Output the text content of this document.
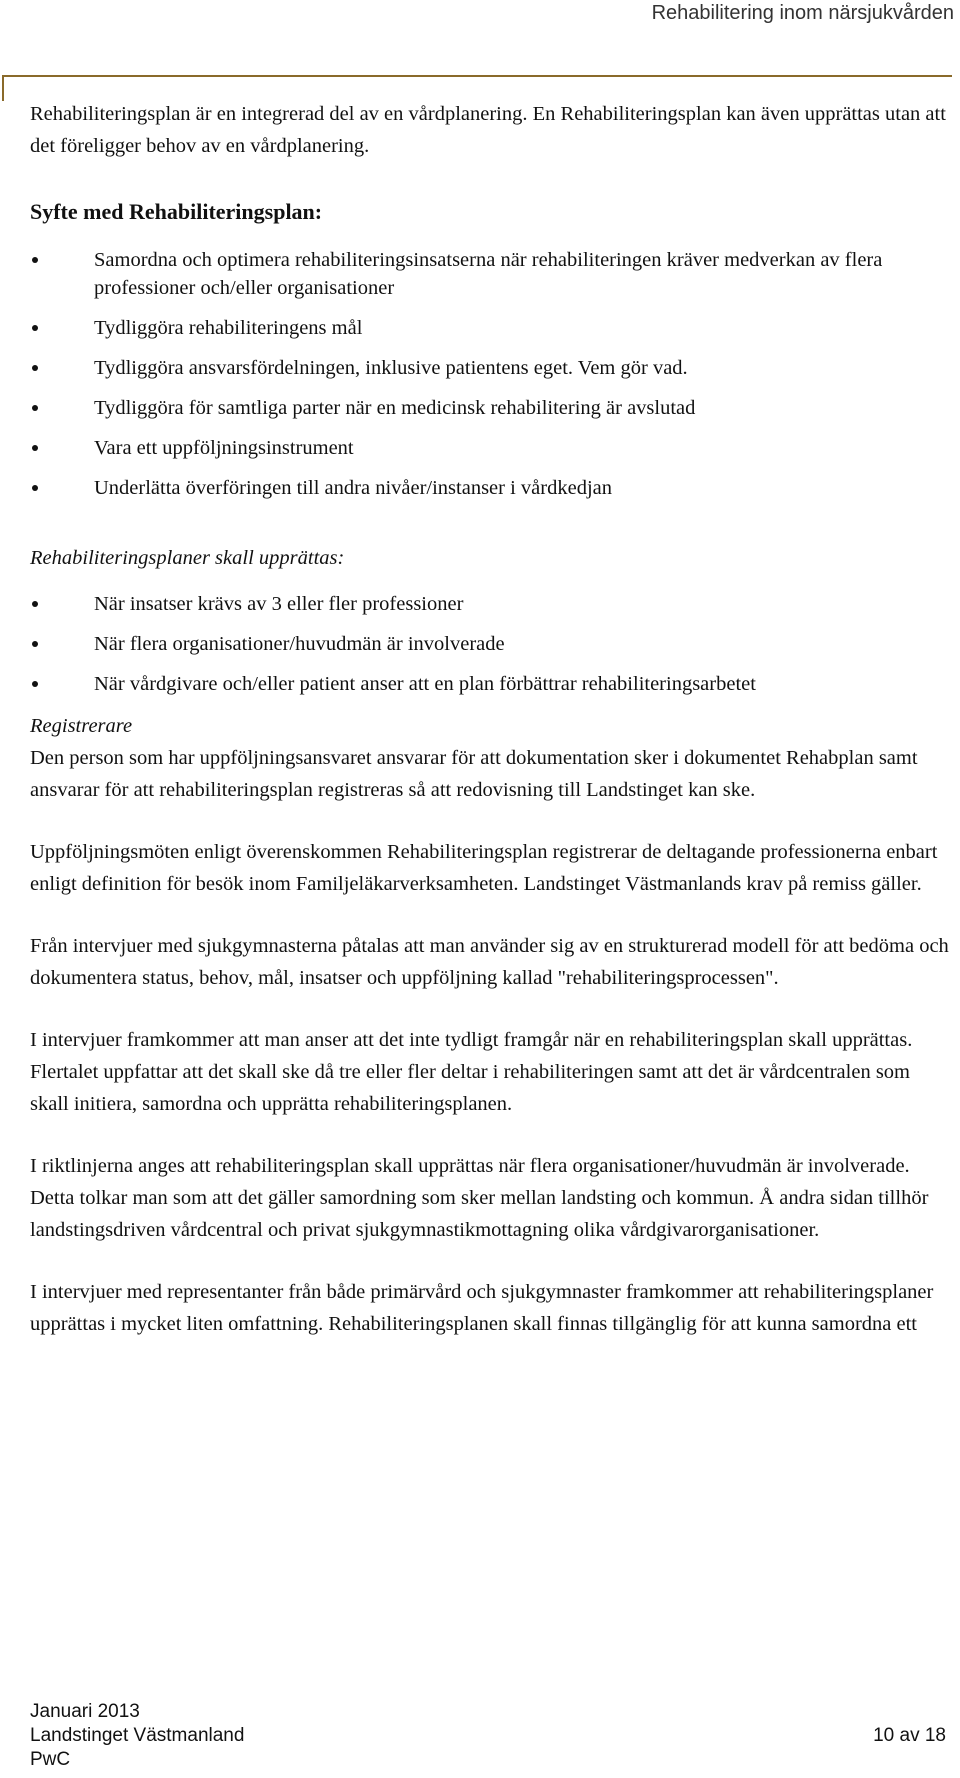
Rehabilitering inom närsjukvården

Rehabiliteringsplan är en integrerad del av en vårdplanering. En Rehabiliteringsplan kan även upprättas utan att det föreligger behov av en vårdplanering.

Syfte med Rehabiliteringsplan:
Samordna och optimera rehabiliteringsinsatserna när rehabiliteringen kräver medverkan av flera professioner och/eller organisationer
Tydliggöra rehabiliteringens mål
Tydliggöra ansvarsfördelningen, inklusive patientens eget. Vem gör vad.
Tydliggöra för samtliga parter när en medicinsk rehabilitering är avslutad
Vara ett uppföljningsinstrument
Underlätta överföringen till andra nivåer/instanser i vårdkedjan
Rehabiliteringsplaner skall upprättas:
När insatser krävs av 3 eller fler professioner
När flera organisationer/huvudmän är involverade
När vårdgivare och/eller patient anser att en plan förbättrar rehabiliteringsarbetet
Registrerare

Den person som har uppföljningsansvaret ansvarar för att dokumentation sker i dokumentet Rehabplan samt ansvarar för att rehabiliteringsplan registreras så att redovisning till Landstinget kan ske.

Uppföljningsmöten enligt överenskommen Rehabiliteringsplan registrerar de deltagande professionerna enbart enligt definition för besök inom Familjeläkarverksamheten. Landstinget Västmanlands krav på remiss gäller.

Från intervjuer med sjukgymnasterna påtalas att man använder sig av en strukturerad modell för att bedöma och dokumentera status, behov, mål, insatser och uppföljning kallad "rehabiliteringsprocessen".

I intervjuer framkommer att man anser att det inte tydligt framgår när en rehabiliteringsplan skall upprättas. Flertalet uppfattar att det skall ske då tre eller fler deltar i rehabiliteringen samt att det är vårdcentralen som skall initiera, samordna och upprätta rehabiliteringsplanen.

I riktlinjerna anges att rehabiliteringsplan skall upprättas när flera organisationer/huvudmän är involverade. Detta tolkar man som att det gäller samordning som sker mellan landsting och kommun. Å andra sidan tillhör landstingsdriven vårdcentral och privat sjukgymnastikmottagning olika vårdgivarorganisationer.

I intervjuer med representanter från både primärvård och sjukgymnaster framkommer att rehabiliteringsplaner upprättas i mycket liten omfattning. Rehabiliteringsplanen skall finnas tillgänglig för att kunna samordna ett

Januari 2013
Landstinget Västmanland	10 av 18
PwC
